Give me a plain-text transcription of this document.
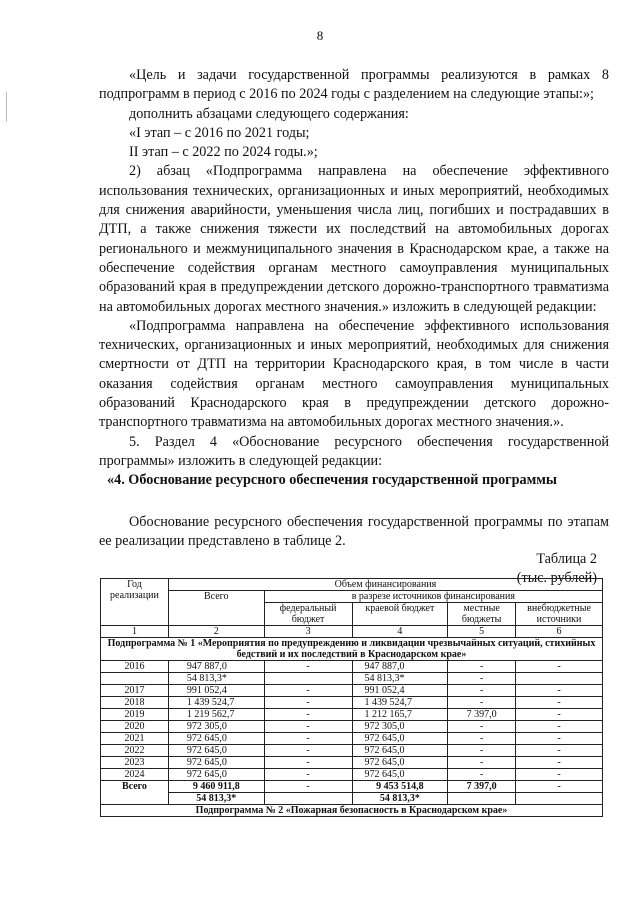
8

«Цель и задачи государственной программы реализуются в рамках 8 подпрограмм в период с 2016 по 2024 годы с разделением на следующие этапы:»;

дополнить абзацами следующего содержания:

«I этап – с 2016 по 2021 годы;

II этап – с 2022 по 2024 годы.»;

2) абзац «Подпрограмма направлена на обеспечение эффективного использования технических, организационных и иных мероприятий, необходимых для снижения аварийности, уменьшения числа лиц, погибших и пострадавших в ДТП, а также снижения тяжести их последствий на автомобильных дорогах регионального и межмуниципального значения в Краснодарском крае, а также на обеспечение содействия органам местного самоуправления муниципальных образований края в предупреждении детского дорожно-транспортного травматизма на автомобильных дорогах местного значения.» изложить в следующей редакции:

«Подпрограмма направлена на обеспечение эффективного использования технических, организационных и иных мероприятий, необходимых для снижения смертности от ДТП на территории Краснодарского края, в том числе в части оказания содействия органам местного самоуправления муниципальных образований Краснодарского края в предупреждении детского дорожно-транспортного травматизма на автомобильных дорогах местного значения.».

5. Раздел 4 «Обоснование ресурсного обеспечения государственной программы» изложить в следующей редакции:

«4. Обоснование ресурсного обеспечения государственной программы

Обоснование ресурсного обеспечения государственной программы по этапам ее реализации представлено в таблице 2.

Таблица 2
(тыс. рублей)
Год реализации	Объем финансирования				
	Всего	в разрезе источников финансирования			
		федеральный бюджет	краевой бюджет	местные бюджеты	внебюджетные источники
1	2	3	4	5	6
Подпрограмма № 1 «Мероприятия по предупреждению и ликвидации чрезвычайных ситуаций, стихийных бедствий и их последствий в Краснодарском крае»					
2016	947 887,0	-	947 887,0	-	-
	54 813,3*		54 813,3*	-	
2017	991 052,4	-	991 052,4	-	-
2018	1 439 524,7	-	1 439 524,7	-	-
2019	1 219 562,7	-	1 212 165,7	7 397,0	-
2020	972 305,0	-	972 305,0	-	-
2021	972 645,0	-	972 645,0	-	-
2022	972 645,0	-	972 645,0	-	-
2023	972 645,0	-	972 645,0	-	-
2024	972 645,0	-	972 645,0	-	-
Всего	9 460 911,8	-	9 453 514,8	7 397,0	-
	54 813,3*		54 813,3*		
Подпрограмма № 2 «Пожарная безопасность в Краснодарском крае»					
